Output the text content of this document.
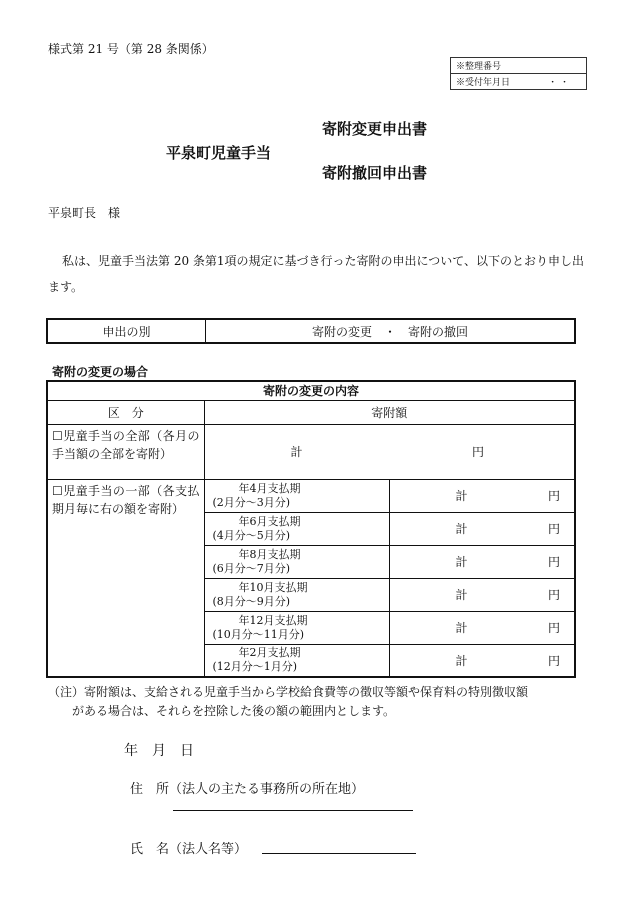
様式第 21 号（第 28 条関係）
※整理番号
※受付年月日	・ ・
平泉町児童手当
寄附変更申出書
寄附撤回申出書
平泉町長　様

私は、児童手当法第 20 条第1項の規定に基づき行った寄附の申出について、以下のとおり申し出ます。

申出の別	寄附の変更　・　寄附の撤回
寄附の変更の場合
寄附の変更の内容		
区　分	寄附額	
☐児童手当の全部（各月の手当額の全部を寄附）	計 円	

☐児童手当の一部（各支払期月毎に右の額を寄附）	年4月支払期
(2月分～3月分)	計 円

	年6月支払期
(4月分～5月分)	計 円

	年8月支払期
(6月分～7月分)	計 円

	年10月支払期
(8月分～9月分)	計 円

	年12月支払期
(10月分～11月分)	計 円

	年2月支払期
(12月分～1月分)	計 円
（注）寄附額は、支給される児童手当から学校給食費等の徴収等額や保育料の特別徴収額
がある場合は、それらを控除した後の額の範囲内とします。
年　月　日
住　所（法人の主たる事務所の所在地）
氏　名（法人名等）
